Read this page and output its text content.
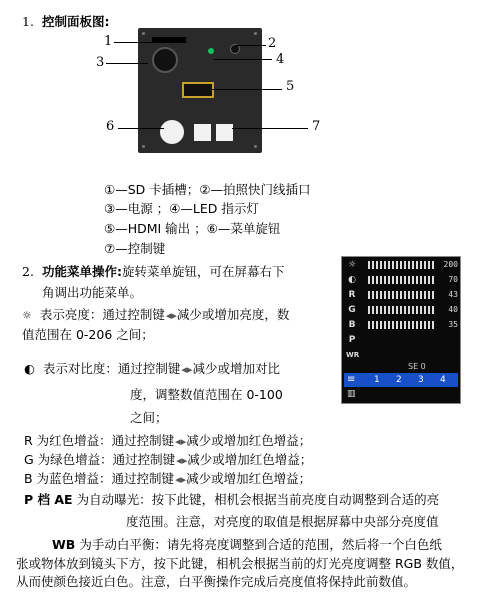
1. 控制面板图:
1	2
3	4
5
6	7
①—SD 卡插槽；②—拍照快门线插口
③—电源 ；④—LED 指示灯
⑤—HDMI 输出 ；⑥—菜单旋钮
⑦—控制键
2. 功能菜单操作:旋转菜单旋钮，可在屏幕右下
角调出功能菜单。
☼ 表示亮度：通过控制键◂▸减少或增加亮度，数
值范围在 0-206 之间；
◐ 表示对比度：通过控制键◂▸减少或增加对比
度，调整数值范围在 0-100
之间；
R 为红色增益：通过控制键◂▸减少或增加红色增益；
G 为绿色增益：通过控制键◂▸减少或增加红色增益；
B 为蓝色增益：通过控制键◂▸减少或增加红色增益；
P 档 AE 为自动曝光：按下此键，相机会根据当前亮度自动调整到合适的亮
度范围。注意，对亮度的取值是根据屏幕中央部分亮度值
WB 为手动白平衡：请先将亮度调整到合适的范围，然后将一个白色纸
张或物体放到镜头下方，按下此键，相机会根据当前的灯光亮度调整 RGB 数值，
从而使颜色接近白色。注意，白平衡操作完成后亮度值将保持此前数值。
☼	200
◐	70
R	43
G	40
B	35
P
WR
SE 0
≡ 1 2 3 4
▥
